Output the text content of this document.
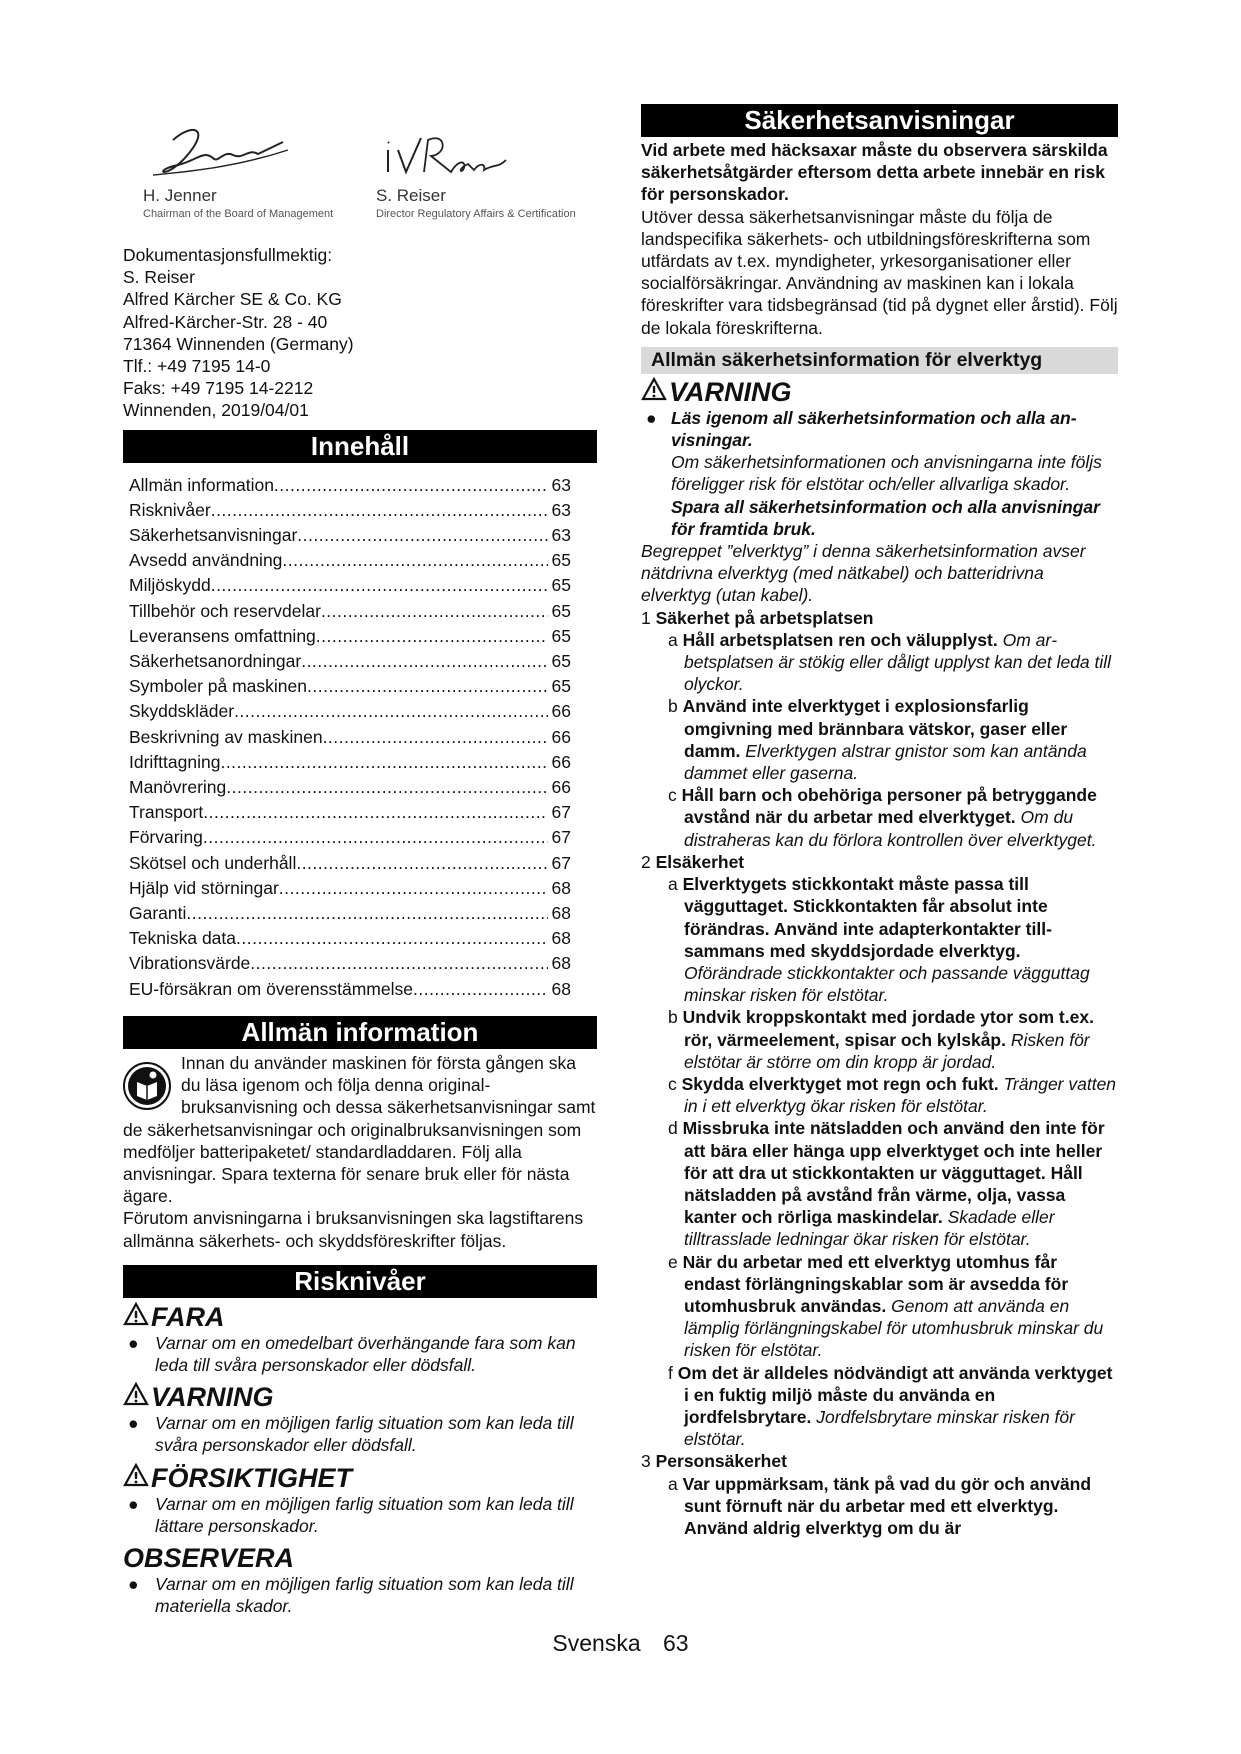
H. Jenner
Chairman of the Board of Management
S. Reiser
Director Regulatory Affairs & Certification
Dokumentasjonsfullmektig:
S. Reiser
Alfred Kärcher SE & Co. KG
Alfred-Kärcher-Str. 28 - 40
71364 Winnenden (Germany)
Tlf.: +49 7195 14-0
Faks: +49 7195 14-2212
Winnenden, 2019/04/01
Innehåll
Allmän information .....	63
Risknivåer .....	63
Säkerhetsanvisningar .....	63
Avsedd användning .....	65
Miljöskydd .....	65
Tillbehör och reservdelar .....	65
Leveransens omfattning .....	65
Säkerhetsanordningar .....	65
Symboler på maskinen .....	65
Skyddskläder .....	66
Beskrivning av maskinen .....	66
Idrifttagning .....	66
Manövrering .....	66
Transport .....	67
Förvaring .....	67
Skötsel och underhåll .....	67
Hjälp vid störningar .....	68
Garanti .....	68
Tekniska data .....	68
Vibrationsvärde .....	68
EU-försäkran om överensstämmelse .....	68
Allmän information

Innan du använder maskinen för första gången ska du läsa igenom och följa denna originalbruksanvisning och dessa säkerhetsanvisningar samt de säkerhetsanvisningar och originalbruksanvisningen som medföljer batteripaketet/ standardladdaren. Följ alla anvisningar. Spara texterna för senare bruk eller för nästa ägare.

Förutom anvisningarna i bruksanvisningen ska lagstiftarens allmänna säkerhets- och skyddsföreskrifter följas.

Risknivåer
FARA
● Varnar om en omedelbart överhängande fara som kan leda till svåra personskador eller dödsfall.
VARNING
● Varnar om en möjligen farlig situation som kan leda till svåra personskador eller dödsfall.
FÖRSIKTIGHET
● Varnar om en möjligen farlig situation som kan leda till lättare personskador.
OBSERVERA
● Varnar om en möjligen farlig situation som kan leda till materiella skador.
Säkerhetsanvisningar

Vid arbete med häcksaxar måste du observera särskilda säkerhetsåtgärder eftersom detta arbete innebär en risk för personskador.

Utöver dessa säkerhetsanvisningar måste du följa de landspecifika säkerhets- och utbildningsföreskrifterna som utfärdats av t.ex. myndigheter, yrkesorganisationer eller socialförsäkringar. Användning av maskinen kan i lokala föreskrifter vara tidsbegränsad (tid på dygnet eller årstid). Följ de lokala föreskrifterna.

Allmän säkerhetsinformation för elverktyg
VARNING
● Läs igenom all säkerhetsinformation och alla anvisningar.
Om säkerhetsinformationen och anvisningarna inte följs föreligger risk för elstötar och/eller allvarliga skador. Spara all säkerhetsinformation och alla anvisningar för framtida bruk.

Begreppet ”elverktyg” i denna säkerhetsinformation avser nätdrivna elverktyg (med nätkabel) och batteridrivna elverktyg (utan kabel).

1 Säkerhet på arbetsplatsen
a Håll arbetsplatsen ren och välupplyst. Om arbetsplatsen är stökig eller dåligt upplyst kan det leda till olyckor.
b Använd inte elverktyget i explosionsfarlig omgivning med brännbara vätskor, gaser eller damm. Elverktygen alstrar gnistor som kan antända dammet eller gaserna.
c Håll barn och obehöriga personer på betryggande avstånd när du arbetar med elverktyget. Om du distraheras kan du förlora kontrollen över elverktyget.
2 Elsäkerhet
a Elverktygets stickkontakt måste passa till vägguttaget. Stickkontakten får absolut inte förändras. Använd inte adapterkontakter tillsammans med skyddsjordade elverktyg. Oförändrade stickkontakter och passande vägguttag minskar risken för elstötar.
b Undvik kroppskontakt med jordade ytor som t.ex. rör, värmeelement, spisar och kylskåp. Risken för elstötar är större om din kropp är jordad.
c Skydda elverktyget mot regn och fukt. Tränger vatten in i ett elverktyg ökar risken för elstötar.
d Missbruka inte nätsladden och använd den inte för att bära eller hänga upp elverktyget och inte heller för att dra ut stickkontakten ur vägguttaget. Håll nätsladden på avstånd från värme, olja, vassa kanter och rörliga maskindelar. Skadade eller tilltrasslade ledningar ökar risken för elstötar.
e När du arbetar med ett elverktyg utomhus får endast förlängningskablar som är avsedda för utomhusbruk användas. Genom att använda en lämplig förlängningskabel för utomhusbruk minskar du risken för elstötar.
f Om det är alldeles nödvändigt att använda verktyget i en fuktig miljö måste du använda en jordfelsbrytare. Jordfelsbrytare minskar risken för elstötar.
3 Personsäkerhet
a Var uppmärksam, tänk på vad du gör och använd sunt förnuft när du arbetar med ett elverktyg. Använd aldrig elverktyg om du är
Svenska 63
